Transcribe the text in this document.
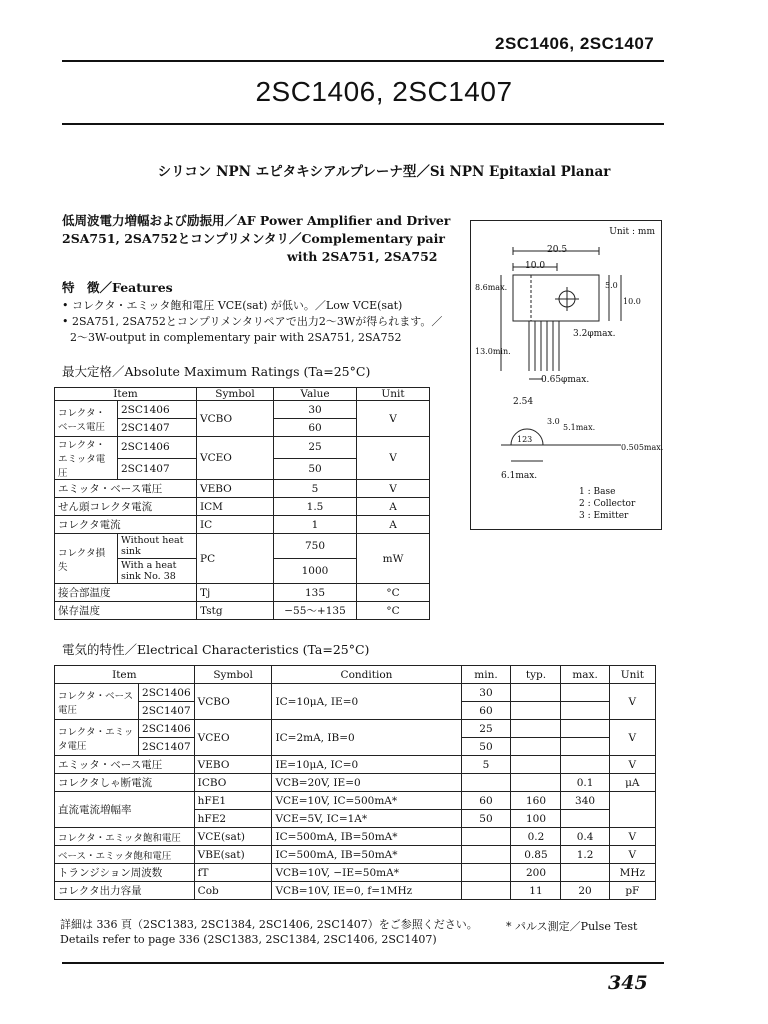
2SC1406, 2SC1407
2SC1406, 2SC1407
シリコン NPN エピタキシアルプレーナ型／Si NPN Epitaxial Planar
低周波電力増幅および励振用／AF Power Amplifier and Driver
2SA751, 2SA752とコンプリメンタリ／Complementary pair
with 2SA751, 2SA752
特　徴／Features
• コレクタ・エミッタ飽和電圧 VCE(sat) が低い。／Low VCE(sat)
• 2SA751, 2SA752とコンプリメンタリペアで出力2～3Wが得られます。／
2～3W-output in complementary pair with 2SA751, 2SA752
最大定格／Absolute Maximum Ratings (Ta=25°C)
Item		Symbol	Value	Unit
コレクタ・ベース電圧	2SC1406	VCBO	30	V
	2SC1407		60	
コレクタ・エミッタ電圧	2SC1406	VCEO	25	V
	2SC1407		50	
エミッタ・ベース電圧		VEBO	5	V
せん頭コレクタ電流		ICM	1.5	A
コレクタ電流		IC	1	A
コレクタ損失	Without heat sink	PC	750	mW
	With a heat sink No. 38		1000	
接合部温度		Tj	135	°C
保存温度		Tstg	−55～+135	°C
Unit : mm
20.5
10.0
5.0
10.0
8.6max.
3.2φmax.
13.0min.
0.65φmax.
2.54
3.0
5.1max.
0.505max.
123
6.1max.
1 : Base
2 : Collector
3 : Emitter
電気的特性／Electrical Characteristics (Ta=25°C)
Item		Symbol	Condition	min.	typ.	max.	Unit
コレクタ・ベース電圧	2SC1406	VCBO	IC=10μA, IE=0	30			V
	2SC1407			60			
コレクタ・エミッタ電圧	2SC1406	VCEO	IC=2mA, IB=0	25			V
	2SC1407			50			
エミッタ・ベース電圧		VEBO	IE=10μA, IC=0	5			V
コレクタしゃ断電流		ICBO	VCB=20V, IE=0			0.1	μA
直流電流増幅率		hFE1	VCE=10V, IC=500mA*	60	160	340	
		hFE2	VCE=5V, IC=1A*	50	100		
コレクタ・エミッタ飽和電圧		VCE(sat)	IC=500mA, IB=50mA*		0.2	0.4	V
ベース・エミッタ飽和電圧		VBE(sat)	IC=500mA, IB=50mA*		0.85	1.2	V
トランジション周波数		fT	VCB=10V, −IE=50mA*		200		MHz
コレクタ出力容量		Cob	VCB=10V, IE=0, f=1MHz		11	20	pF
詳細は 336 頁（2SC1383, 2SC1384, 2SC1406, 2SC1407）をご参照ください。	* パルス測定／Pulse Test
Details refer to page 336 (2SC1383, 2SC1384, 2SC1406, 2SC1407)
345
